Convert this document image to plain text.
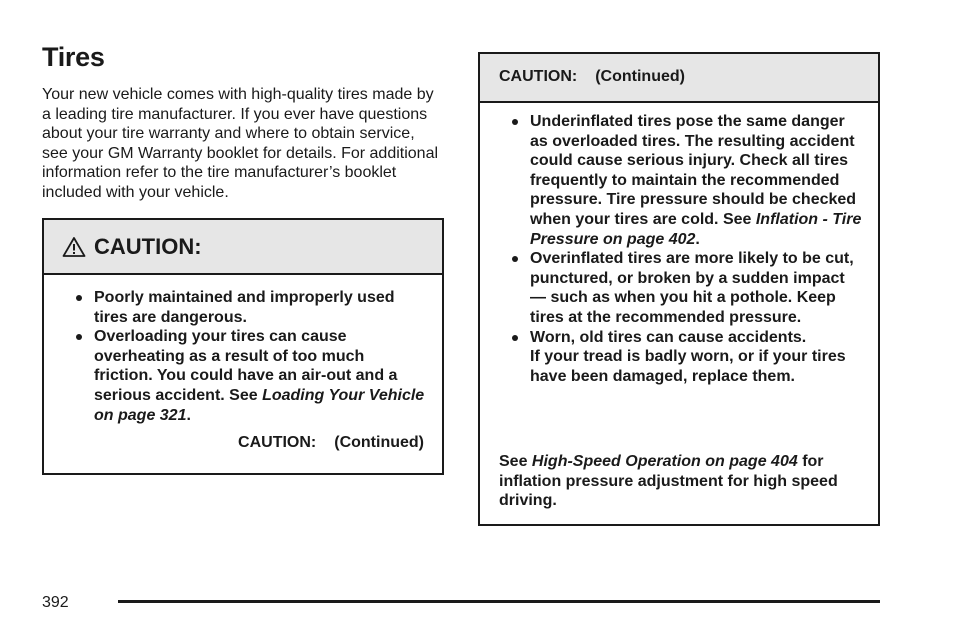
Tires
Your new vehicle comes with high-quality tires made by a leading tire manufacturer. If you ever have questions about your tire warranty and where to obtain service, see your GM Warranty booklet for details. For additional information refer to the tire manufacturer’s booklet included with your vehicle.
CAUTION:
Poorly maintained and improperly used tires are dangerous.
Overloading your tires can cause overheating as a result of too much friction. You could have an air-out and a serious accident. See Loading Your Vehicle on page 321.
CAUTION: (Continued)
CAUTION: (Continued)
Underinflated tires pose the same danger as overloaded tires. The resulting accident could cause serious injury. Check all tires frequently to maintain the recommended pressure. Tire pressure should be checked when your tires are cold. See Inflation - Tire Pressure on page 402.
Overinflated tires are more likely to be cut, punctured, or broken by a sudden impact — such as when you hit a pothole. Keep tires at the recommended pressure.
Worn, old tires can cause accidents.
If your tread is badly worn, or if your tires have been damaged, replace them.
See High-Speed Operation on page 404 for inflation pressure adjustment for high speed driving.
392
